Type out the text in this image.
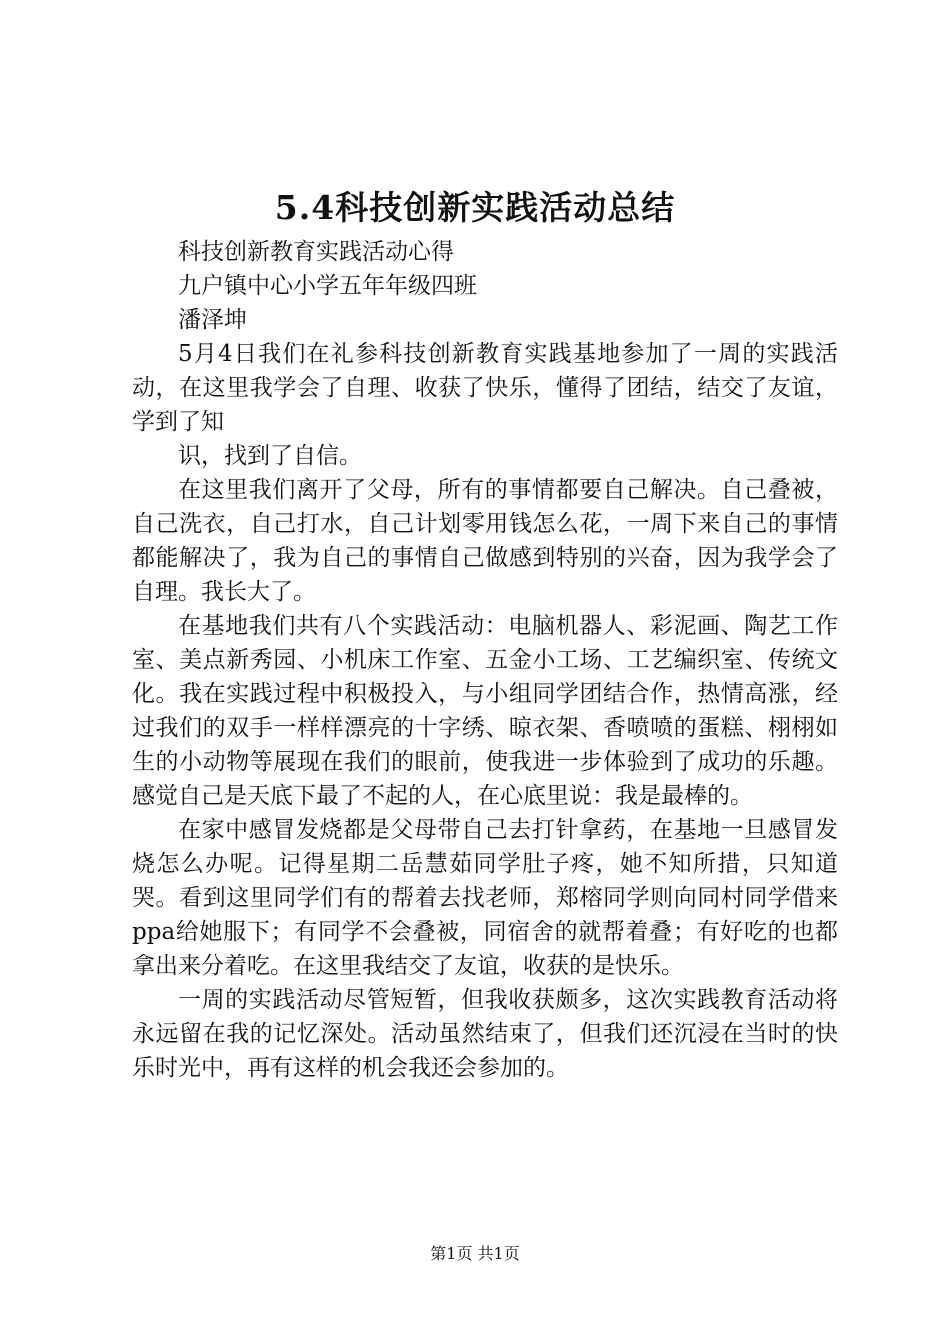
5.4科技创新实践活动总结

科技创新教育实践活动心得

九户镇中心小学五年年级四班

潘泽坤

5月4日我们在礼参科技创新教育实践基地参加了一周的实践活动，在这里我学会了自理、收获了快乐，懂得了团结，结交了友谊，学到了知

识，找到了自信。

在这里我们离开了父母，所有的事情都要自己解决。自己叠被，自己洗衣，自己打水，自己计划零用钱怎么花，一周下来自己的事情都能解决了，我为自己的事情自己做感到特别的兴奋，因为我学会了自理。我长大了。

在基地我们共有八个实践活动：电脑机器人、彩泥画、陶艺工作室、美点新秀园、小机床工作室、五金小工场、工艺编织室、传统文化。我在实践过程中积极投入，与小组同学团结合作，热情高涨，经过我们的双手一样样漂亮的十字绣、晾衣架、香喷喷的蛋糕、栩栩如生的小动物等展现在我们的眼前，使我进一步体验到了成功的乐趣。感觉自己是天底下最了不起的人，在心底里说：我是最棒的。

在家中感冒发烧都是父母带自己去打针拿药，在基地一旦感冒发烧怎么办呢。记得星期二岳慧茹同学肚子疼，她不知所措，只知道哭。看到这里同学们有的帮着去找老师，郑榕同学则向同村同学借来ppa给她服下；有同学不会叠被，同宿舍的就帮着叠；有好吃的也都拿出来分着吃。在这里我结交了友谊，收获的是快乐。

一周的实践活动尽管短暂，但我收获颇多，这次实践教育活动将永远留在我的记忆深处。活动虽然结束了，但我们还沉浸在当时的快乐时光中，再有这样的机会我还会参加的。

第1页 共1页
